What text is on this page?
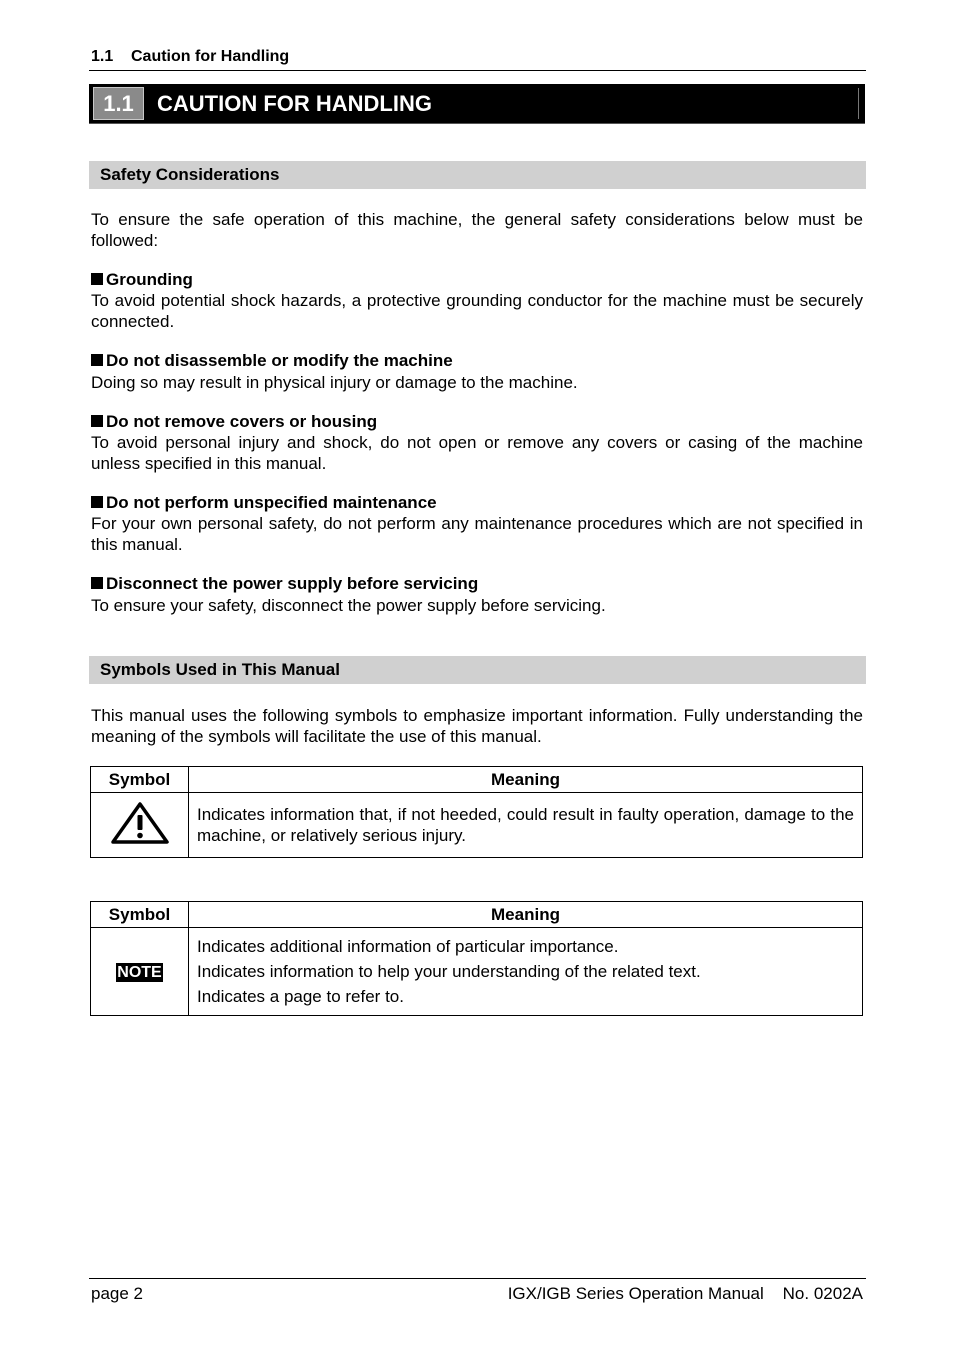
1.1 Caution for Handling
1.1	CAUTION FOR HANDLING
Safety Considerations
To ensure the safe operation of this machine, the general safety considerations below must be followed:
Grounding
To avoid potential shock hazards, a protective grounding conductor for the machine must be securely connected.
Do not disassemble or modify the machine
Doing so may result in physical injury or damage to the machine.
Do not remove covers or housing
To avoid personal injury and shock, do not open or remove any covers or casing of the machine unless specified in this manual.
Do not perform unspecified maintenance
For your own personal safety, do not perform any maintenance procedures which are not specified in this manual.
Disconnect the power supply before servicing
To ensure your safety, disconnect the power supply before servicing.
Symbols Used in This Manual
This manual uses the following symbols to emphasize important information. Fully understanding the meaning of the symbols will facilitate the use of this manual.
Symbol	Meaning
	Indicates information that, if not heeded, could result in faulty operation, damage to the machine, or relatively serious injury.
Symbol	Meaning
NOTE	Indicates additional information of particular importance.
Indicates information to help your understanding of the related text.
Indicates a page to refer to.
page 2	IGX/IGB Series Operation Manual No. 0202A
